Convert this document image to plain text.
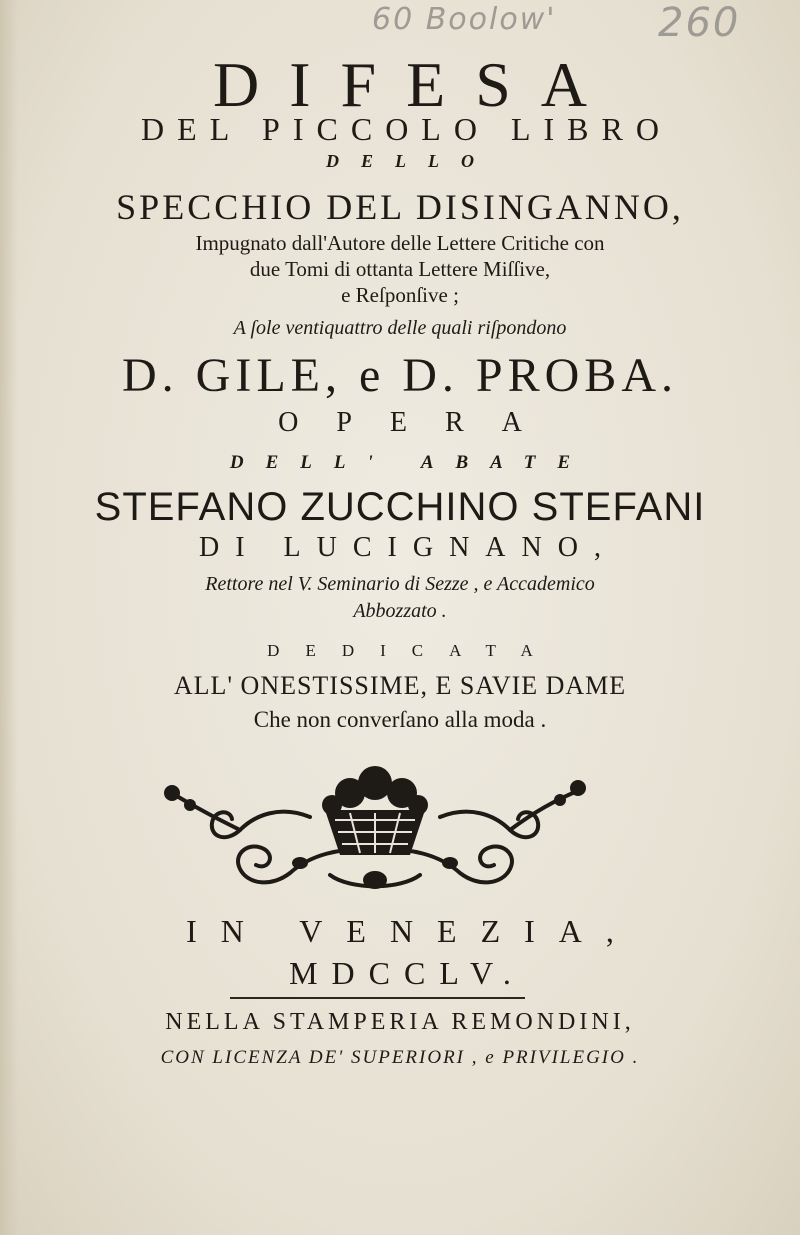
60 Boolow'	260
DIFESA
DEL PICCOLO LIBRO
DELLO
SPECCHIO DEL DISINGANNO,
Impugnato dall'Autore delle Lettere Critiche con
due Tomi di ottanta Lettere Miſſive,
e Reſponſive ;
A ſole ventiquattro delle quali riſpondono
D. GILE, e D. PROBA.
OPERA
DELL' ABATE
STEFANO ZUCCHINO STEFANI
DI LUCIGNANO,
Rettore nel V. Seminario di Sezze , e Accademico
Abbozzato .
DEDICATA
ALL' ONESTISSIME, E SAVIE DAME
Che non converſano alla moda .
IN VENEZIA,
MDCCLV.
NELLA STAMPERIA REMONDINI,
CON LICENZA DE' SUPERIORI , e PRIVILEGIO .
